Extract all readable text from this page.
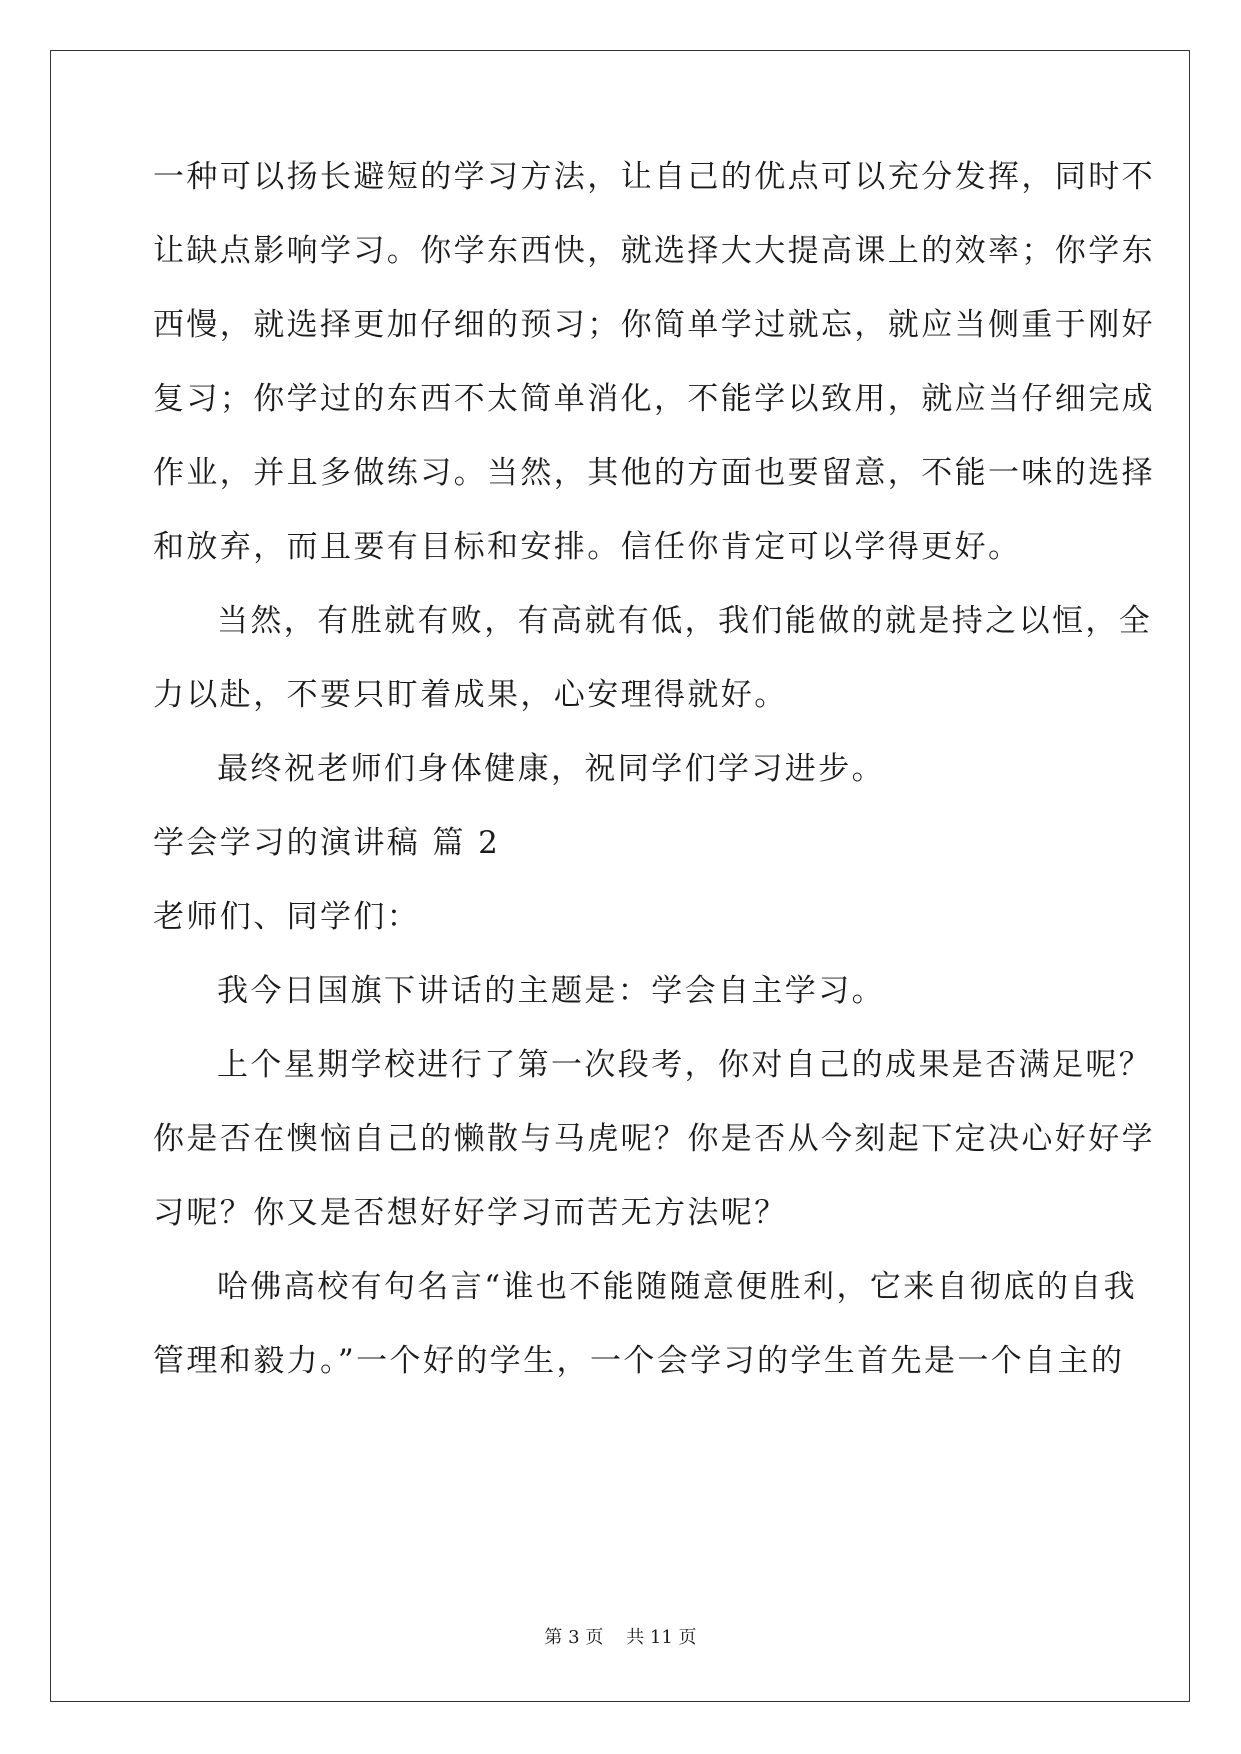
一种可以扬长避短的学习方法，让自己的优点可以充分发挥，同时不
让缺点影响学习。你学东西快，就选择大大提高课上的效率；你学东
西慢，就选择更加仔细的预习；你简单学过就忘，就应当侧重于刚好
复习；你学过的东西不太简单消化，不能学以致用，就应当仔细完成
作业，并且多做练习。当然，其他的方面也要留意，不能一味的选择
和放弃，而且要有目标和安排。信任你肯定可以学得更好。
当然，有胜就有败，有高就有低，我们能做的就是持之以恒，全
力以赴，不要只盯着成果，心安理得就好。
最终祝老师们身体健康，祝同学们学习进步。
学会学习的演讲稿 篇 2
老师们、同学们：
我今日国旗下讲话的主题是：学会自主学习。
上个星期学校进行了第一次段考，你对自己的成果是否满足呢？
你是否在懊恼自己的懒散与马虎呢？你是否从今刻起下定决心好好学
习呢？你又是否想好好学习而苦无方法呢？
哈佛高校有句名言“谁也不能随随意便胜利，它来自彻底的自我
管理和毅力。”一个好的学生，一个会学习的学生首先是一个自主的
第 3 页    共 11 页
